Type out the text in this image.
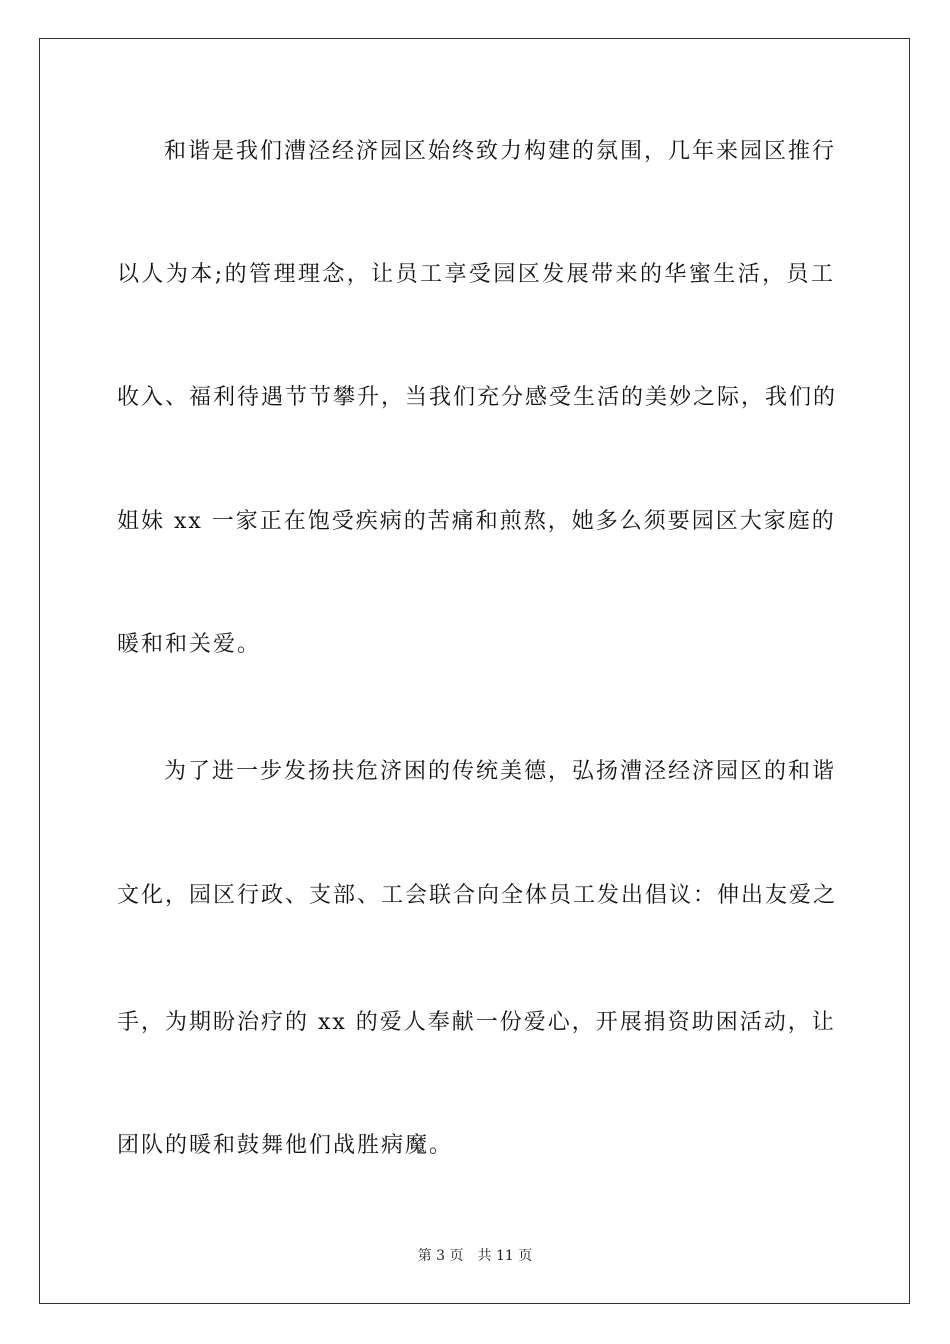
和谐是我们漕泾经济园区始终致力构建的氛围，几年来园区推行
以人为本;的管理理念，让员工享受园区发展带来的华蜜生活，员工
收入、福利待遇节节攀升，当我们充分感受生活的美妙之际，我们的
姐妹 xx 一家正在饱受疾病的苦痛和煎熬，她多么须要园区大家庭的
暖和和关爱。
为了进一步发扬扶危济困的传统美德，弘扬漕泾经济园区的和谐
文化，园区行政、支部、工会联合向全体员工发出倡议：伸出友爱之
手，为期盼治疗的 xx 的爱人奉献一份爱心，开展捐资助困活动，让
团队的暖和鼓舞他们战胜病魔。
第 3 页 共 11 页
